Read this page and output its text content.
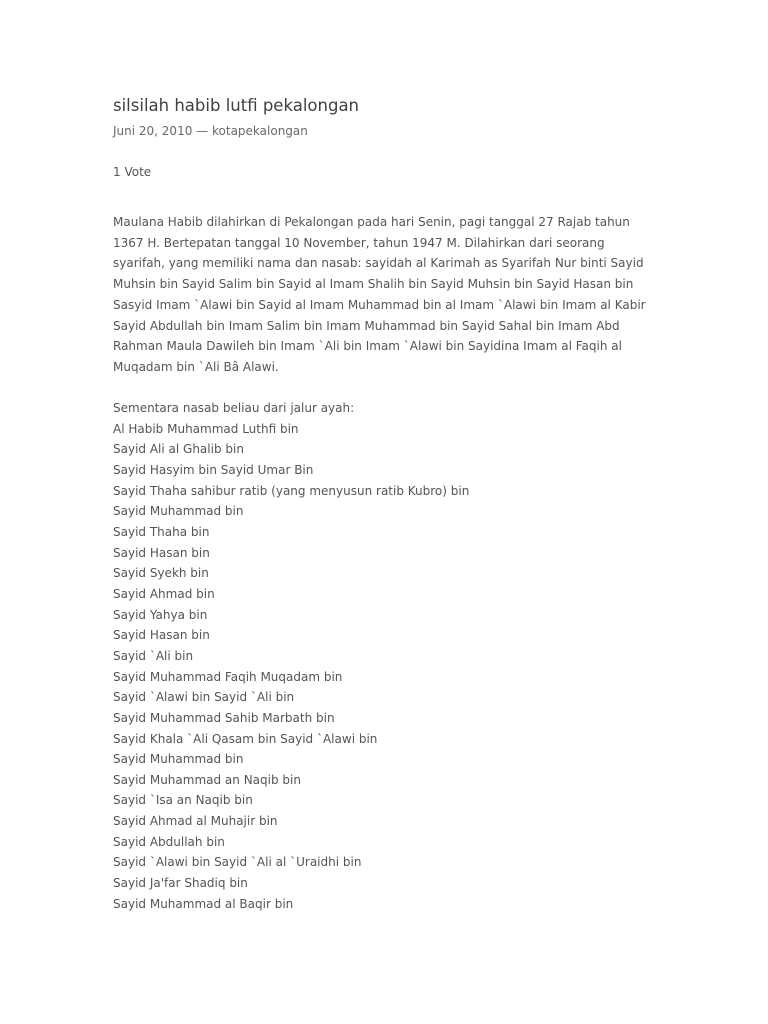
silsilah habib lutfi pekalongan
Juni 20, 2010 — kotapekalongan
1 Vote

Maulana Habib dilahirkan di Pekalongan pada hari Senin, pagi tanggal 27 Rajab tahun
1367 H. Bertepatan tanggal 10 November, tahun 1947 M. Dilahirkan dari seorang
syarifah, yang memiliki nama dan nasab: sayidah al Karimah as Syarifah Nur binti Sayid
Muhsin bin Sayid Salim bin Sayid al Imam Shalih bin Sayid Muhsin bin Sayid Hasan bin
Sasyid Imam `Alawi bin Sayid al Imam Muhammad bin al Imam `Alawi bin Imam al Kabir
Sayid Abdullah bin Imam Salim bin Imam Muhammad bin Sayid Sahal bin Imam Abd
Rahman Maula Dawileh bin Imam `Ali bin Imam `Alawi bin Sayidina Imam al Faqih al
Muqadam bin `Ali Bâ Alawi.

Sementara nasab beliau dari jalur ayah:
Al Habib Muhammad Luthfi bin
Sayid Ali al Ghalib bin
Sayid Hasyim bin Sayid Umar Bin
Sayid Thaha sahibur ratib (yang menyusun ratib Kubro) bin
Sayid Muhammad bin
Sayid Thaha bin
Sayid Hasan bin
Sayid Syekh bin
Sayid Ahmad bin
Sayid Yahya bin
Sayid Hasan bin
Sayid `Ali bin
Sayid Muhammad Faqih Muqadam bin
Sayid `Alawi bin Sayid `Ali bin
Sayid Muhammad Sahib Marbath bin
Sayid Khala `Ali Qasam bin Sayid `Alawi bin
Sayid Muhammad bin
Sayid Muhammad an Naqib bin
Sayid `Isa an Naqib bin
Sayid Ahmad al Muhajir bin
Sayid Abdullah bin
Sayid `Alawi bin Sayid `Ali al `Uraidhi bin
Sayid Ja'far Shadiq bin
Sayid Muhammad al Baqir bin
